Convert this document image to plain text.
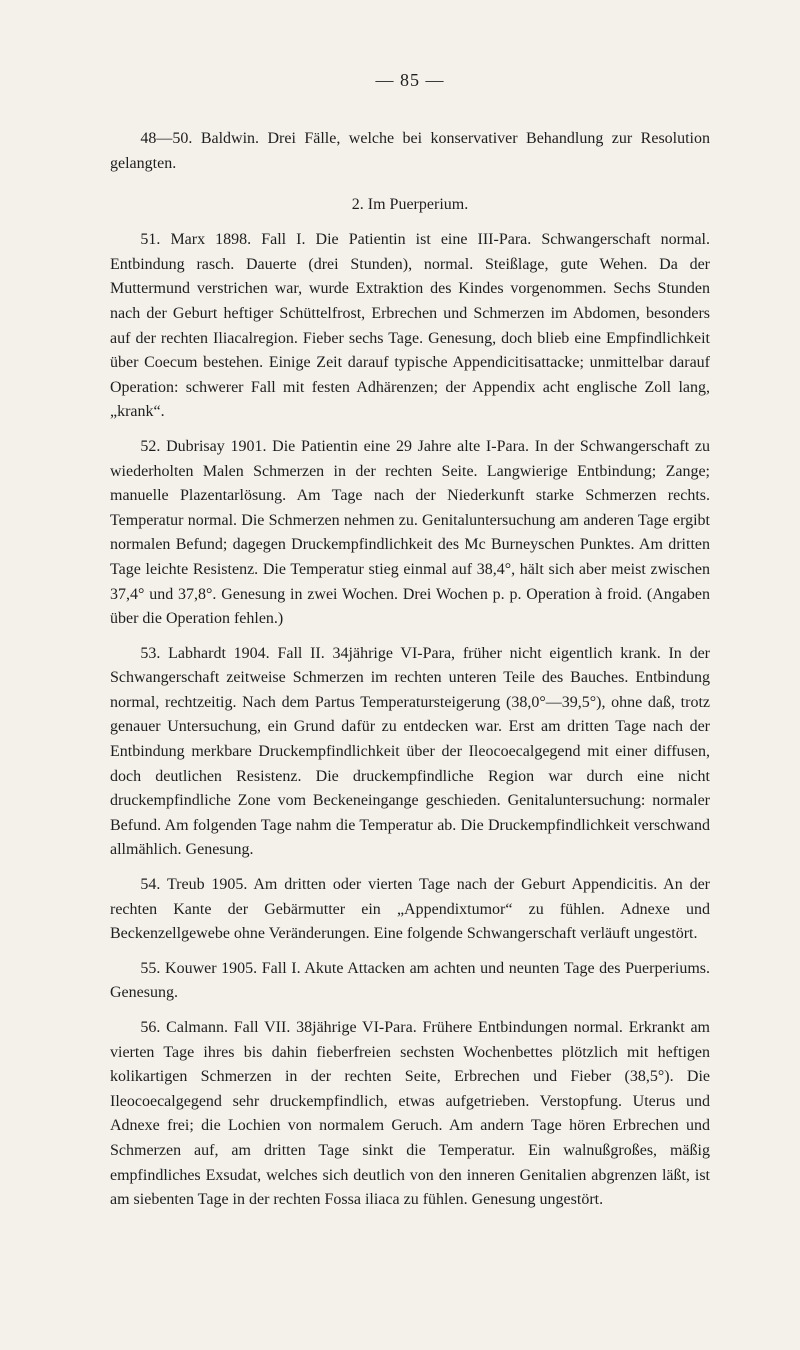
— 85 —

48—50. Baldwin. Drei Fälle, welche bei konservativer Behandlung zur Resolution gelangten.

2. Im Puerperium.

51. Marx 1898. Fall I. Die Patientin ist eine III-Para. Schwangerschaft normal. Entbindung rasch. Dauerte (drei Stunden), normal. Steißlage, gute Wehen. Da der Muttermund verstrichen war, wurde Extraktion des Kindes vorgenommen. Sechs Stunden nach der Geburt heftiger Schüttelfrost, Erbrechen und Schmerzen im Abdomen, besonders auf der rechten Iliacalregion. Fieber sechs Tage. Genesung, doch blieb eine Empfindlichkeit über Coecum bestehen. Einige Zeit darauf typische Appendicitisattacke; unmittelbar darauf Operation: schwerer Fall mit festen Adhärenzen; der Appendix acht englische Zoll lang, „krank“.

52. Dubrisay 1901. Die Patientin eine 29 Jahre alte I-Para. In der Schwangerschaft zu wiederholten Malen Schmerzen in der rechten Seite. Langwierige Entbindung; Zange; manuelle Plazentarlösung. Am Tage nach der Niederkunft starke Schmerzen rechts. Temperatur normal. Die Schmerzen nehmen zu. Genitaluntersuchung am anderen Tage ergibt normalen Befund; dagegen Druckempfindlichkeit des Mc Burneyschen Punktes. Am dritten Tage leichte Resistenz. Die Temperatur stieg einmal auf 38,4°, hält sich aber meist zwischen 37,4° und 37,8°. Genesung in zwei Wochen. Drei Wochen p. p. Operation à froid. (Angaben über die Operation fehlen.)

53. Labhardt 1904. Fall II. 34jährige VI-Para, früher nicht eigentlich krank. In der Schwangerschaft zeitweise Schmerzen im rechten unteren Teile des Bauches. Entbindung normal, rechtzeitig. Nach dem Partus Temperatursteigerung (38,0°—39,5°), ohne daß, trotz genauer Untersuchung, ein Grund dafür zu entdecken war. Erst am dritten Tage nach der Entbindung merkbare Druckempfindlichkeit über der Ileocoecalgegend mit einer diffusen, doch deutlichen Resistenz. Die druckempfindliche Region war durch eine nicht druckempfindliche Zone vom Beckeneingange geschieden. Genitaluntersuchung: normaler Befund. Am folgenden Tage nahm die Temperatur ab. Die Druckempfindlichkeit verschwand allmählich. Genesung.

54. Treub 1905. Am dritten oder vierten Tage nach der Geburt Appendicitis. An der rechten Kante der Gebärmutter ein „Appendixtumor“ zu fühlen. Adnexe und Beckenzellgewebe ohne Veränderungen. Eine folgende Schwangerschaft verläuft ungestört.

55. Kouwer 1905. Fall I. Akute Attacken am achten und neunten Tage des Puerperiums. Genesung.

56. Calmann. Fall VII. 38jährige VI-Para. Frühere Entbindungen normal. Erkrankt am vierten Tage ihres bis dahin fieberfreien sechsten Wochenbettes plötzlich mit heftigen kolikartigen Schmerzen in der rechten Seite, Erbrechen und Fieber (38,5°). Die Ileocoecalgegend sehr druckempfindlich, etwas aufgetrieben. Verstopfung. Uterus und Adnexe frei; die Lochien von normalem Geruch. Am andern Tage hören Erbrechen und Schmerzen auf, am dritten Tage sinkt die Temperatur. Ein walnußgroßes, mäßig empfindliches Exsudat, welches sich deutlich von den inneren Genitalien abgrenzen läßt, ist am siebenten Tage in der rechten Fossa iliaca zu fühlen. Genesung ungestört.
